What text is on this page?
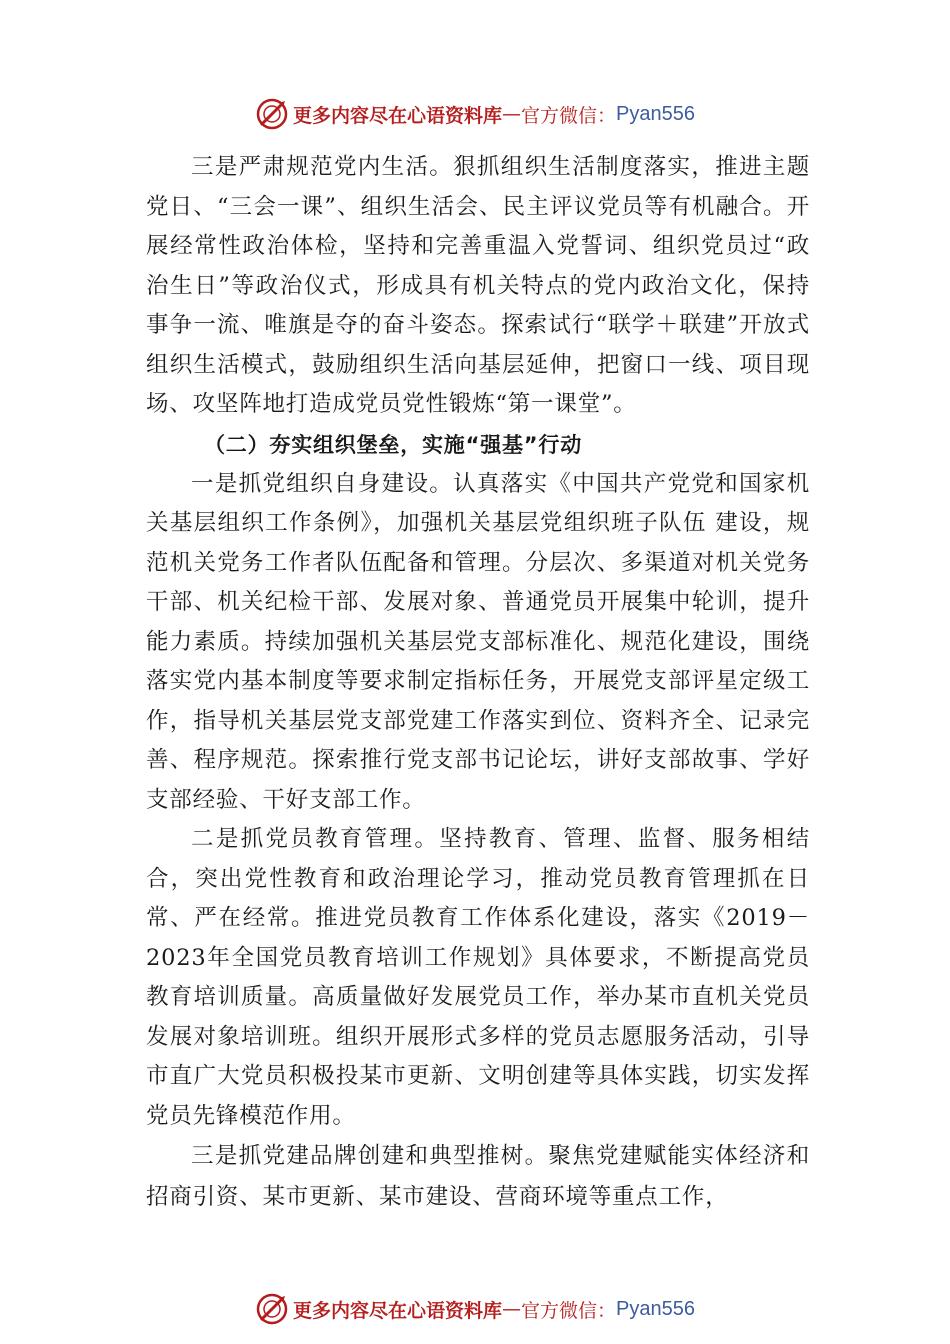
更多内容尽在心语资料库 — 官方微信： Pyan556

三是严肃规范党内生活。狠抓组织生活制度落实，推进主题党日、“三会一课”、组织生活会、民主评议党员等有机融合。开展经常性政治体检，坚持和完善重温入党誓词、组织党员过“政治生日”等政治仪式，形成具有机关特点的党内政治文化，保持事争一流、唯旗是夺的奋斗姿态。探索试行“联学＋联建”开放式组织生活模式，鼓励组织生活向基层延伸，把窗口一线、项目现场、攻坚阵地打造成党员党性锻炼“第一课堂”。

（二）夯实组织堡垒，实施“强基”行动

一是抓党组织自身建设。认真落实《中国共产党党和国家机关基层组织工作条例》，加强机关基层党组织班子队伍 建设，规范机关党务工作者队伍配备和管理。分层次、多渠道对机关党务干部、机关纪检干部、发展对象、普通党员开展集中轮训，提升能力素质。持续加强机关基层党支部标准化、规范化建设，围绕落实党内基本制度等要求制定指标任务，开展党支部评星定级工作，指导机关基层党支部党建工作落实到位、资料齐全、记录完善、程序规范。探索推行党支部书记论坛，讲好支部故事、学好支部经验、干好支部工作。

二是抓党员教育管理。坚持教育、管理、监督、服务相结合，突出党性教育和政治理论学习，推动党员教育管理抓在日常、严在经常。推进党员教育工作体系化建设，落实《2019－2023年全国党员教育培训工作规划》具体要求，不断提高党员教育培训质量。高质量做好发展党员工作，举办某市直机关党员发展对象培训班。组织开展形式多样的党员志愿服务活动，引导市直广大党员积极投某市更新、文明创建等具体实践，切实发挥党员先锋模范作用。

三是抓党建品牌创建和典型推树。聚焦党建赋能实体经济和招商引资、某市更新、某市建设、营商环境等重点工作，

更多内容尽在心语资料库 — 官方微信： Pyan556
